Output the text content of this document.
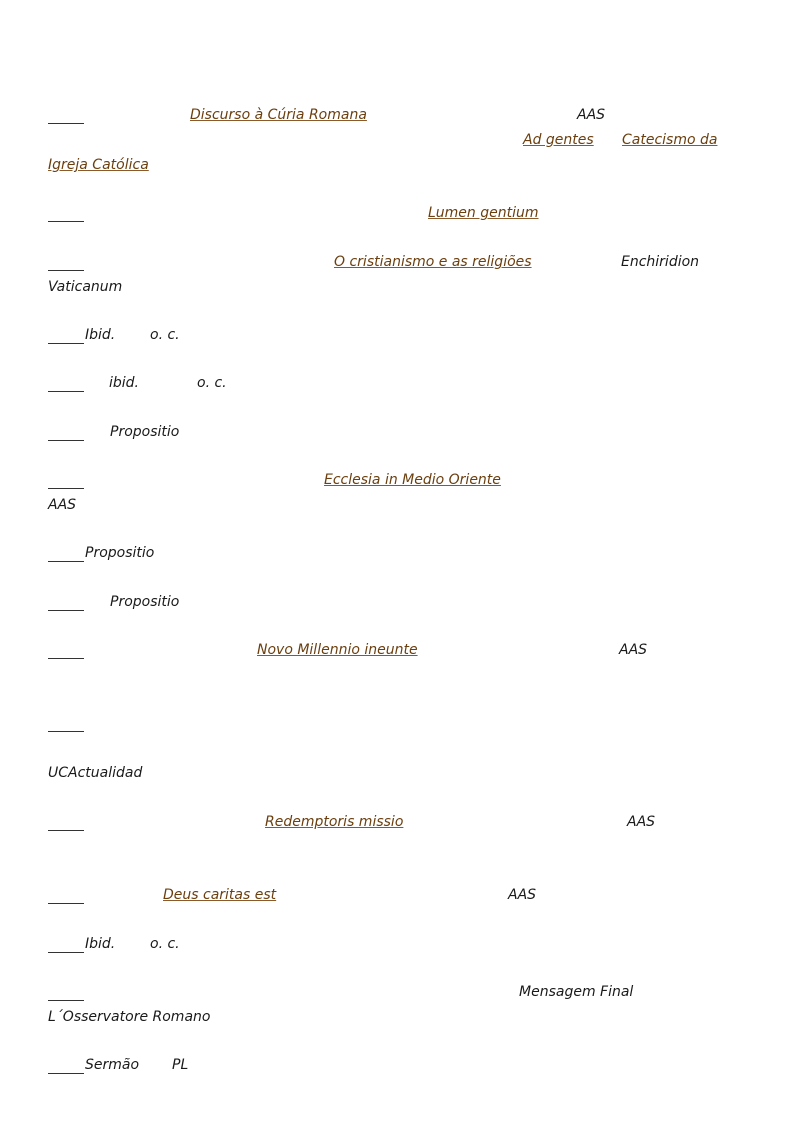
Discurso à Cúria Romana	AAS
Ad gentes Catecismo da
Igreja Católica
Lumen gentium
O cristianismo e as religiões	Enchiridion
Vaticanum
Ibid. o. c.
ibid.	o. c.
Propositio
Ecclesia in Medio Oriente
AAS
Propositio
Propositio
Novo Millennio ineunte	AAS
UCActualidad
Redemptoris missio	AAS
Deus caritas est	AAS
Ibid. o. c.
Mensagem Final
L´Osservatore Romano
Sermão PL
